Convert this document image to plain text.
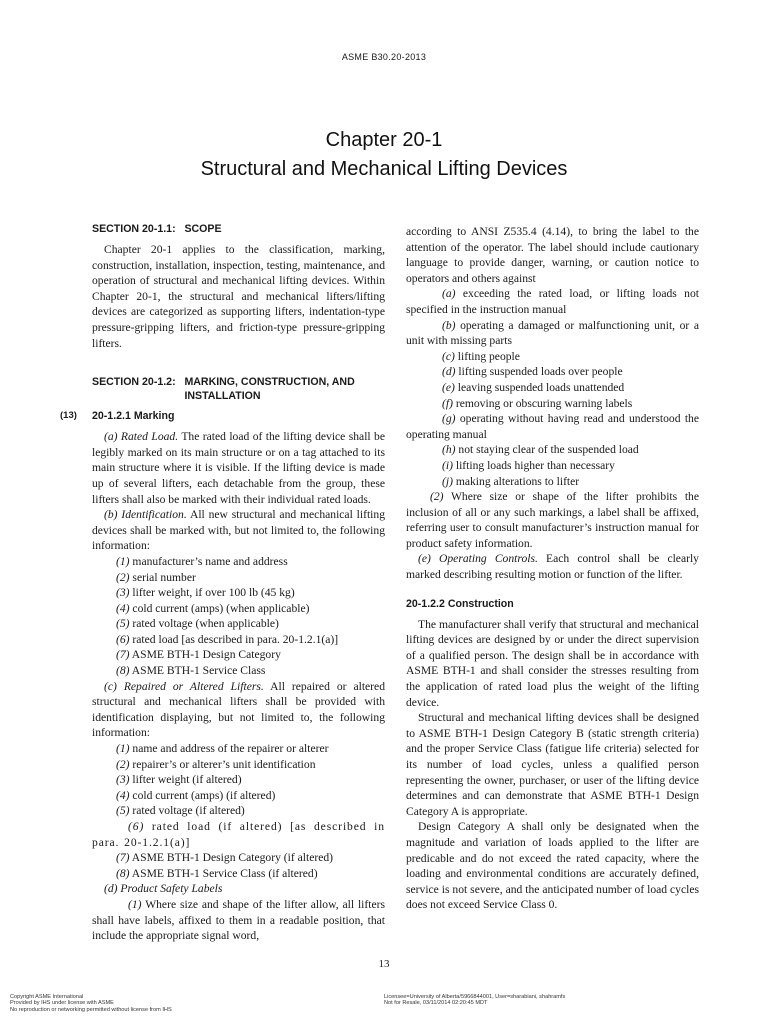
ASME B30.20-2013
Chapter 20-1
Structural and Mechanical Lifting Devices
SECTION 20-1.1: SCOPE

Chapter 20-1 applies to the classification, marking, construction, installation, inspection, testing, maintenance, and operation of structural and mechanical lifting devices. Within Chapter 20-1, the structural and mechanical lifters/lifting devices are categorized as supporting lifters, indentation-type pressure-gripping lifters, and friction-type pressure-gripping lifters.

SECTION 20-1.2: MARKING, CONSTRUCTION, AND INSTALLATION
(13) 20-1.2.1 Marking

(a) Rated Load. The rated load of the lifting device shall be legibly marked on its main structure or on a tag attached to its main structure where it is visible. If the lifting device is made up of several lifters, each detachable from the group, these lifters shall also be marked with their individual rated loads.

(b) Identification. All new structural and mechanical lifting devices shall be marked with, but not limited to, the following information:

(1) manufacturer’s name and address

(2) serial number

(3) lifter weight, if over 100 lb (45 kg)

(4) cold current (amps) (when applicable)

(5) rated voltage (when applicable)

(6) rated load [as described in para. 20-1.2.1(a)]

(7) ASME BTH-1 Design Category

(8) ASME BTH-1 Service Class

(c) Repaired or Altered Lifters. All repaired or altered structural and mechanical lifters shall be provided with identification displaying, but not limited to, the following information:

(1) name and address of the repairer or alterer

(2) repairer’s or alterer’s unit identification

(3) lifter weight (if altered)

(4) cold current (amps) (if altered)

(5) rated voltage (if altered)

(6) rated load (if altered) [as described in para. 20-1.2.1(a)]

(7) ASME BTH-1 Design Category (if altered)

(8) ASME BTH-1 Service Class (if altered)

(d) Product Safety Labels

(1) Where size and shape of the lifter allow, all lifters shall have labels, affixed to them in a readable position, that include the appropriate signal word,

according to ANSI Z535.4 (4.14), to bring the label to the attention of the operator. The label should include cautionary language to provide danger, warning, or caution notice to operators and others against

(a) exceeding the rated load, or lifting loads not specified in the instruction manual

(b) operating a damaged or malfunctioning unit, or a unit with missing parts

(c) lifting people

(d) lifting suspended loads over people

(e) leaving suspended loads unattended

(f) removing or obscuring warning labels

(g) operating without having read and understood the operating manual

(h) not staying clear of the suspended load

(i) lifting loads higher than necessary

(j) making alterations to lifter

(2) Where size or shape of the lifter prohibits the inclusion of all or any such markings, a label shall be affixed, referring user to consult manufacturer’s instruction manual for product safety information.

(e) Operating Controls. Each control shall be clearly marked describing resulting motion or function of the lifter.

20-1.2.2 Construction

The manufacturer shall verify that structural and mechanical lifting devices are designed by or under the direct supervision of a qualified person. The design shall be in accordance with ASME BTH-1 and shall consider the stresses resulting from the application of rated load plus the weight of the lifting device.

Structural and mechanical lifting devices shall be designed to ASME BTH-1 Design Category B (static strength criteria) and the proper Service Class (fatigue life criteria) selected for its number of load cycles, unless a qualified person representing the owner, purchaser, or user of the lifting device determines and can demonstrate that ASME BTH-1 Design Category A is appropriate.

Design Category A shall only be designated when the magnitude and variation of loads applied to the lifter are predicable and do not exceed the rated capacity, where the loading and environmental conditions are accurately defined, service is not severe, and the anticipated number of load cycles does not exceed Service Class 0.

13
Copyright ASME International
Provided by IHS under license with ASME
No reproduction or networking permitted without license from IHS
Licensee=University of Alberta/5966844001, User=sharabiani, shahramfs
Not for Resale, 03/11/2014 02:20:45 MDT
